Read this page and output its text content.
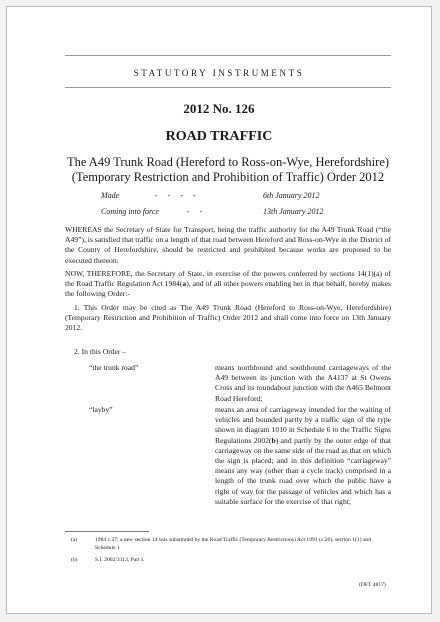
STATUTORY INSTRUMENTS
2012 No. 126
ROAD TRAFFIC
The A49 Trunk Road (Hereford to Ross-on-Wye, Herefordshire) (Temporary Restriction and Prohibition of Traffic) Order 2012
Made	-     -     -     -	6th January 2012
Coming into force	-     -	13th January 2012
WHEREAS the Secretary of State for Transport, being the traffic authority for the A49 Trunk Road (“the A49”), is satisfied that traffic on a length of that road between Hereford and Ross-on-Wye in the District of the County of Herefordshire, should be restricted and prohibited because works are proposed to be executed thereon:
NOW, THEREFORE, the Secretary of State, in exercise of the powers conferred by sections 14(1)(a) of the Road Traffic Regulation Act 1984(a), and of all other powers enabling her in that behalf, hereby makes the following Order:-
1. This Order may be cited as The A49 Trunk Road (Hereford to Ross-on-Wye, Herefordshire) (Temporary Restriction and Prohibition of Traffic) Order 2012 and shall come into force on 13th January 2012.
2. In this Order –
“the trunk road”	means northbound and southbound carriageways of the A49 between its junction with the A4137 at St Owens Cross and its roundabout junction with the A465 Belmont Road Hereford;
“layby”	means an area of carriageway intended for the waiting of vehicles and bounded partly by a traffic sign of the type shown in diagram 1010 in Schedule 6 to the Traffic Signs Regulations 2002(b) and partly by the outer edge of that carriageway on the same side of the road as that on which the sign is placed; and in this definition “carriageway” means any way (other than a cycle track) comprised in a length of the trunk road over which the public have a right of way for the passage of vehicles and which has a suitable surface for the exercise of that right;
(a)	1984 c.27; a new section 14 was substituted by the Road Traffic (Temporary Restrictions) Act 1991 (c.26), section 1(1) and Schedule 1
(b)	S.I. 2002/3113, Part I.
(DFT 4817)
